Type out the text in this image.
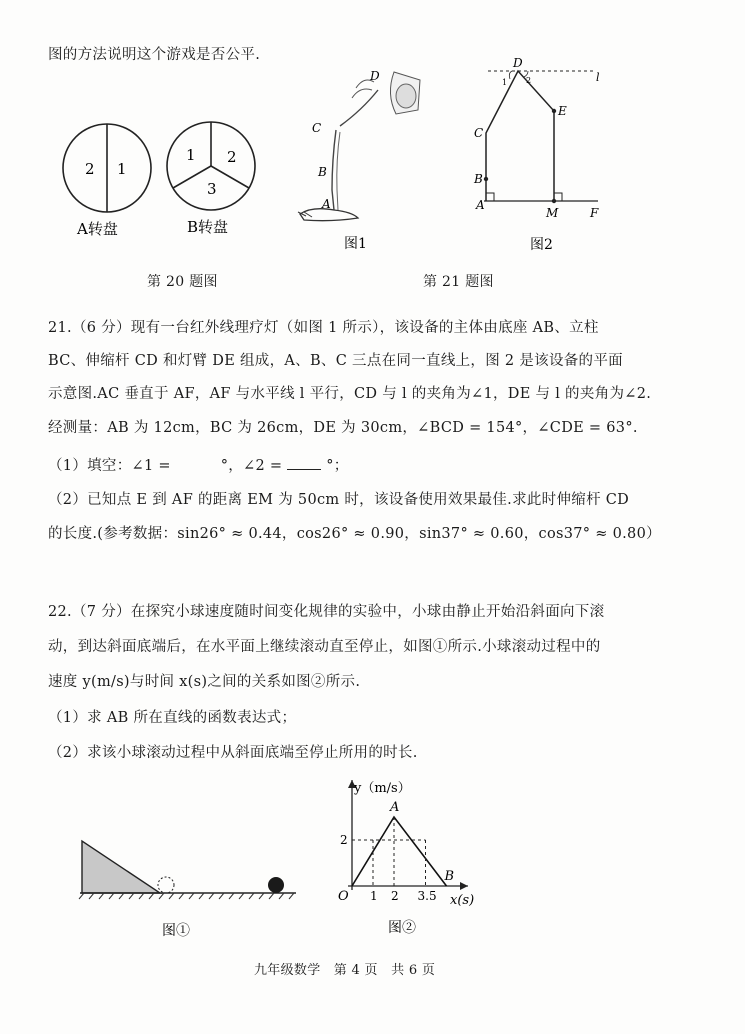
图的方法说明这个游戏是否公平.
2 1
1 2
3
A转盘	B转盘
D
C
B
A
图1
D
l
1 2
C
E
B
A
M	F
图2
第 20 题图	第 21 题图
21.（6 分）现有一台红外线理疗灯（如图 1 所示），该设备的主体由底座 AB、立柱
BC、伸缩杆 CD 和灯臂 DE 组成，A、B、C 三点在同一直线上，图 2 是该设备的平面
示意图.AC 垂直于 AF，AF 与水平线 l 平行，CD 与 l 的夹角为∠1，DE 与 l 的夹角为∠2.
经测量：AB 为 12cm，BC 为 26cm，DE 为 30cm，∠BCD = 154°，∠CDE = 63°.
（1）填空：∠1 =	°，∠2 =	°；
（2）已知点 E 到 AF 的距离 EM 为 50cm 时，该设备使用效果最佳.求此时伸缩杆 CD
的长度.(参考数据：sin26° ≈ 0.44，cos26° ≈ 0.90，sin37° ≈ 0.60，cos37° ≈ 0.80）
22.（7 分）在探究小球速度随时间变化规律的实验中，小球由静止开始沿斜面向下滚
动，到达斜面底端后，在水平面上继续滚动直至停止，如图①所示.小球滚动过程中的
速度 y(m/s)与时间 x(s)之间的关系如图②所示.
（1）求 AB 所在直线的函数表达式；
（2）求该小球滚动过程中从斜面底端至停止所用的时长.
图①
y（m/s）
x(s)
O
A
B
1 2 3.5
2
图②
九年级数学　第 4 页　共 6 页
